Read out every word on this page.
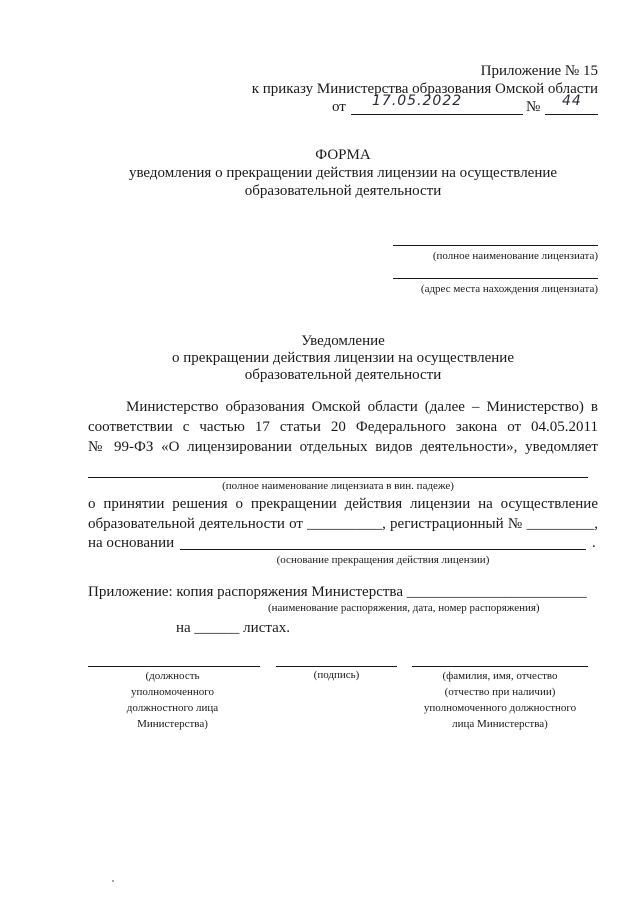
Приложение № 15
к приказу Министерства образования Омской области
от 17.05.2022	№ 44
ФОРМА
уведомления о прекращении действия лицензии на осуществление
образовательной деятельности
(полное наименование лицензиата)
(адрес места нахождения лицензиата)
Уведомление
о прекращении действия лицензии на осуществление
образовательной деятельности
Министерство образования Омской области (далее – Министерство) в
соответствии с частью 17 статьи 20 Федерального закона от 04.05.2011
№ 99-ФЗ «О лицензировании отдельных видов деятельности», уведомляет
(полное наименование лицензиата в вин. падеже)
о принятии решения о прекращении действия лицензии на осуществление
образовательной деятельности от __________, регистрационный № _________,
на основании	.
(основание прекращения действия лицензии)
Приложение: копия распоряжения Министерства ________________________
(наименование распоряжения, дата, номер распоряжения)
на ______ листах.
(должность уполномоченного должностного лица Министерства)
(подпись)	(фамилия, имя, отчество (отчество при наличии) уполномоченного должностного лица Министерства)
